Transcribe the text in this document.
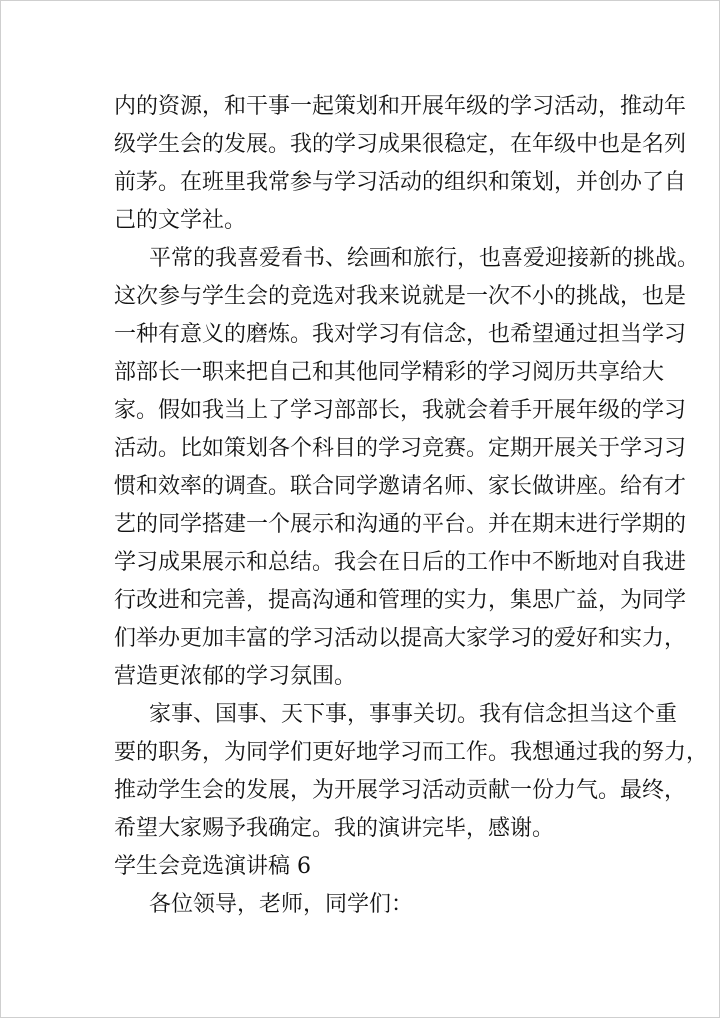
内的资源，和干事一起策划和开展年级的学习活动，推动年
级学生会的发展。我的学习成果很稳定，在年级中也是名列
前茅。在班里我常参与学习活动的组织和策划，并创办了自
己的文学社。
平常的我喜爱看书、绘画和旅行，也喜爱迎接新的挑战。
这次参与学生会的竞选对我来说就是一次不小的挑战，也是
一种有意义的磨炼。我对学习有信念，也希望通过担当学习
部部长一职来把自己和其他同学精彩的学习阅历共享给大
家。假如我当上了学习部部长，我就会着手开展年级的学习
活动。比如策划各个科目的学习竞赛。定期开展关于学习习
惯和效率的调查。联合同学邀请名师、家长做讲座。给有才
艺的同学搭建一个展示和沟通的平台。并在期末进行学期的
学习成果展示和总结。我会在日后的工作中不断地对自我进
行改进和完善，提高沟通和管理的实力，集思广益，为同学
们举办更加丰富的学习活动以提高大家学习的爱好和实力，
营造更浓郁的学习氛围。
家事、国事、天下事，事事关切。我有信念担当这个重
要的职务，为同学们更好地学习而工作。我想通过我的努力，
推动学生会的发展，为开展学习活动贡献一份力气。最终，
希望大家赐予我确定。我的演讲完毕，感谢。
学生会竞选演讲稿 6
各位领导，老师，同学们：
